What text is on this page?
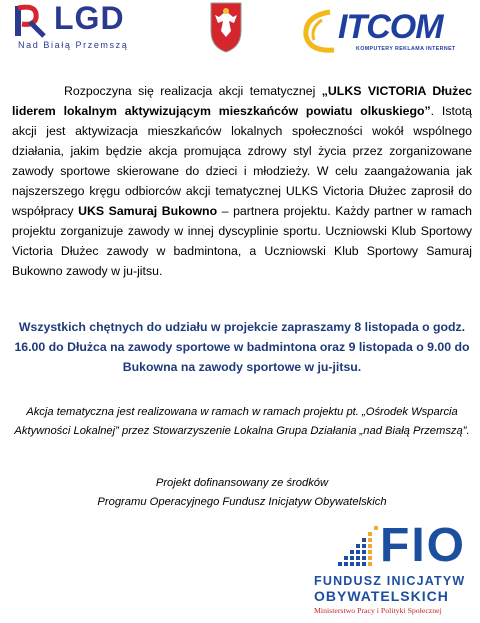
LGD
Nad Białą Przemszą	ITCOM
KOMPUTERY REKLAMA INTERNET

Rozpoczyna się realizacja akcji tematycznej „ULKS VICTORIA Dłużec liderem lokalnym aktywizującym mieszkańców powiatu olkuskiego”. Istotą akcji jest aktywizacja mieszkańców lokalnych społeczności wokół wspólnego działania, jakim będzie akcja promująca zdrowy styl życia przez zorganizowane zawody sportowe skierowane do dzieci i młodzieży. W celu zaangażowania jak najszerszego kręgu odbiorców akcji tematycznej ULKS Victoria Dłużec zaprosił do współpracy UKS Samuraj Bukowno – partnera projektu. Każdy partner w ramach projektu zorganizuje zawody w innej dyscyplinie sportu. Uczniowski Klub Sportowy Victoria Dłużec zawody w badmintona, a Uczniowski Klub Sportowy Samuraj Bukowno zawody w ju-jitsu.

Wszystkich chętnych do udziału w projekcie zapraszamy 8 listopada o godz. 16.00 do Dłużca na zawody sportowe w badmintona oraz 9 listopada o 9.00 do Bukowna na zawody sportowe w ju-jitsu.

Akcja tematyczna jest realizowana w ramach w ramach projektu pt. „Ośrodek Wsparcia Aktywności Lokalnej” przez Stowarzyszenie Lokalna Grupa Działania „nad Białą Przemszą”.

Projekt dofinansowany ze środków
Programu Operacyjnego Fundusz Inicjatyw Obywatelskich

FIO
FUNDUSZ INICJATYW
OBYWATELSKICH
Ministerstwo Pracy i Polityki Społecznej
